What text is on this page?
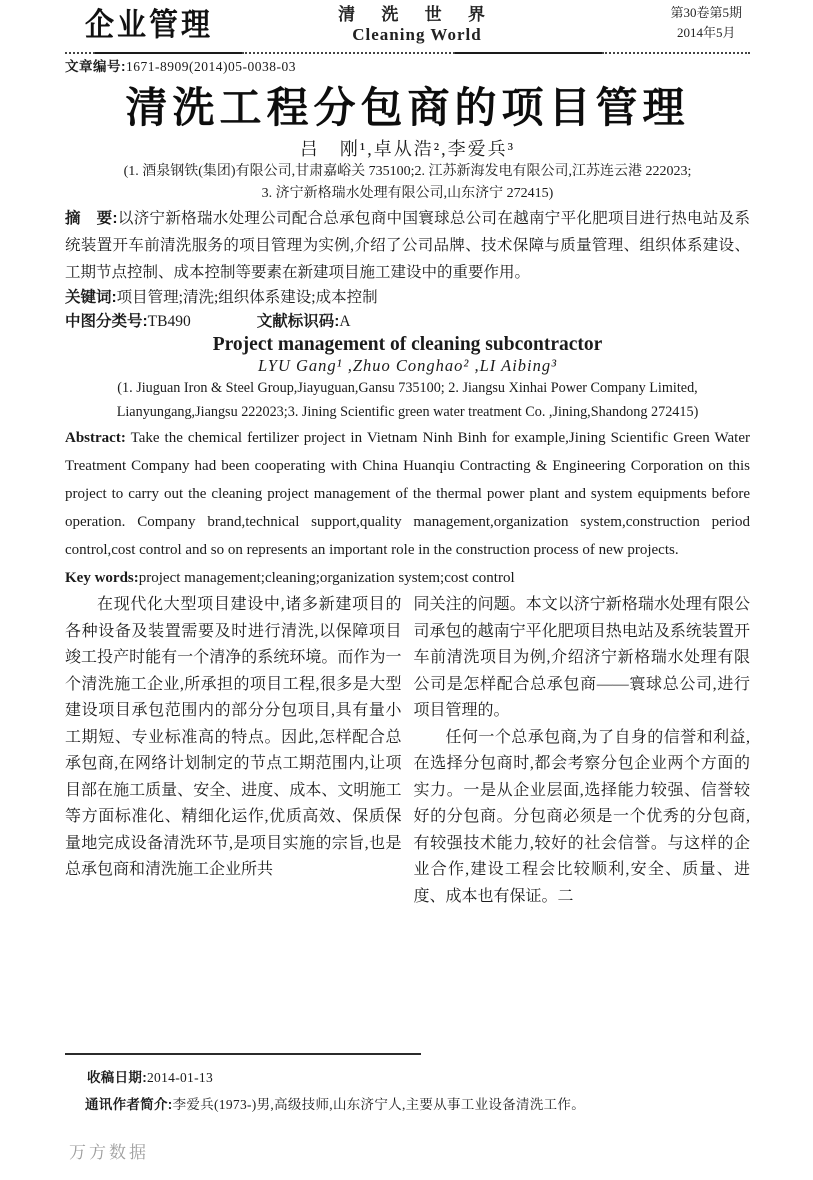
企业管理	清 洗 世 界
Cleaning World
第30卷第5期
2014年5月
文章编号:1671-8909(2014)05-0038-03
清洗工程分包商的项目管理
吕　刚¹,卓从浩²,李爱兵³
(1. 酒泉钢铁(集团)有限公司,甘肃嘉峪关 735100;2. 江苏新海发电有限公司,江苏连云港 222023;
3. 济宁新格瑞水处理有限公司,山东济宁 272415)
摘　要:以济宁新格瑞水处理公司配合总承包商中国寰球总公司在越南宁平化肥项目进行热电站及系统装置开车前清洗服务的项目管理为实例,介绍了公司品牌、技术保障与质量管理、组织体系建设、工期节点控制、成本控制等要素在新建项目施工建设中的重要作用。
关键词:项目管理;清洗;组织体系建设;成本控制
中图分类号:TB490	文献标识码:A
Project management of cleaning subcontractor
LYU Gang¹ ,Zhuo Conghao² ,LI Aibing³
(1. Jiuguan Iron & Steel Group,Jiayuguan,Gansu 735100; 2. Jiangsu Xinhai Power Company Limited,
Lianyungang,Jiangsu 222023;3. Jining Scientific green water treatment Co. ,Jining,Shandong 272415)
Abstract: Take the chemical fertilizer project in Vietnam Ninh Binh for example,Jining Scientific Green Water Treatment Company had been cooperating with China Huanqiu Contracting & Engineering Corporation on this project to carry out the cleaning project management of the thermal power plant and system equipments before operation. Company brand,technical support,quality management,organization system,construction period control,cost control and so on represents an important role in the construction process of new projects.
Key words:project management;cleaning;organization system;cost control

在现代化大型项目建设中,诸多新建项目的各种设备及装置需要及时进行清洗,以保障项目竣工投产时能有一个清净的系统环境。而作为一个清洗施工企业,所承担的项目工程,很多是大型建设项目承包范围内的部分分包项目,具有量小工期短、专业标准高的特点。因此,怎样配合总承包商,在网络计划制定的节点工期范围内,让项目部在施工质量、安全、进度、成本、文明施工等方面标准化、精细化运作,优质高效、保质保量地完成设备清洗环节,是项目实施的宗旨,也是总承包商和清洗施工企业所共

同关注的问题。本文以济宁新格瑞水处理有限公司承包的越南宁平化肥项目热电站及系统装置开车前清洗项目为例,介绍济宁新格瑞水处理有限公司是怎样配合总承包商——寰球总公司,进行项目管理的。

任何一个总承包商,为了自身的信誉和利益,在选择分包商时,都会考察分包企业两个方面的实力。一是从企业层面,选择能力较强、信誉较好的分包商。分包商必须是一个优秀的分包商,有较强技术能力,较好的社会信誉。与这样的企业合作,建设工程会比较顺利,安全、质量、进度、成本也有保证。二

收稿日期:2014-01-13
通讯作者简介:李爱兵(1973-)男,高级技师,山东济宁人,主要从事工业设备清洗工作。
万方数据
